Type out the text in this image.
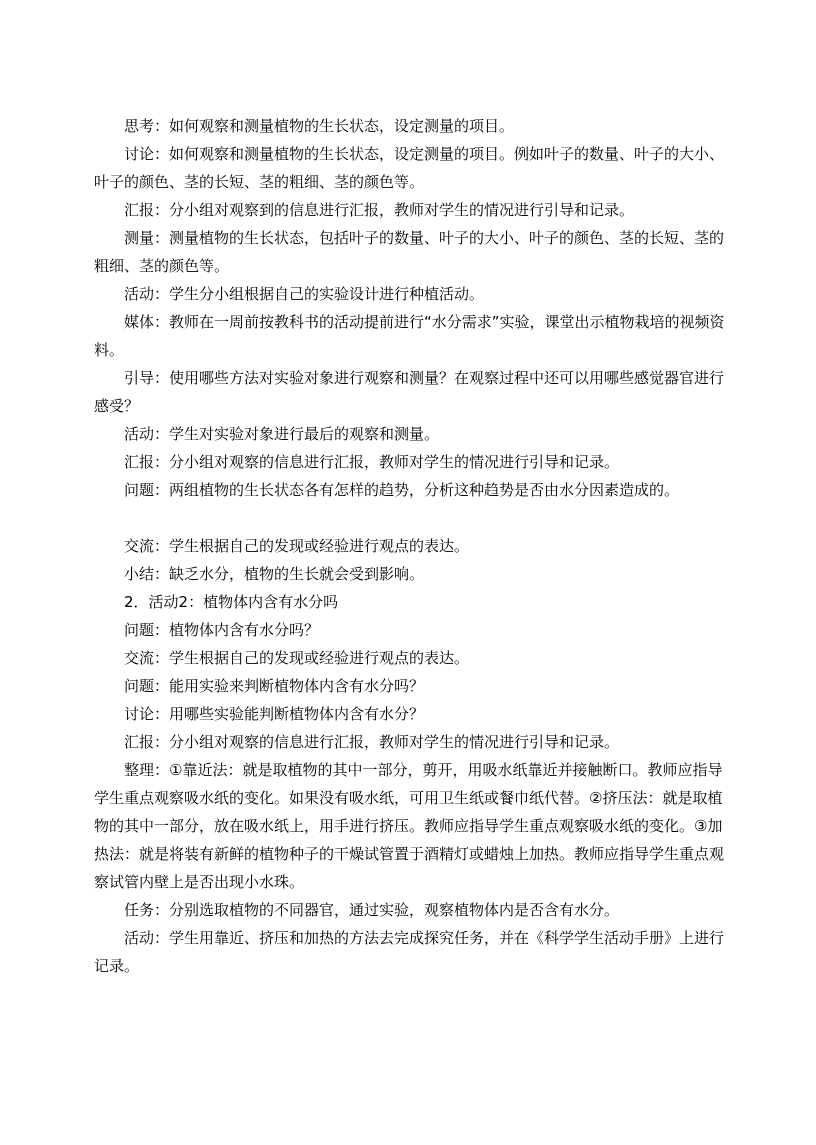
思考：如何观察和测量植物的生长状态，设定测量的项目。

讨论：如何观察和测量植物的生长状态，设定测量的项目。例如叶子的数量、叶子的大小、叶子的颜色、茎的长短、茎的粗细、茎的颜色等。

汇报：分小组对观察到的信息进行汇报，教师对学生的情况进行引导和记录。

测量：测量植物的生长状态，包括叶子的数量、叶子的大小、叶子的颜色、茎的长短、茎的粗细、茎的颜色等。

活动：学生分小组根据自己的实验设计进行种植活动。

媒体：教师在一周前按教科书的活动提前进行“水分需求”实验，课堂出示植物栽培的视频资料。

引导：使用哪些方法对实验对象进行观察和测量？在观察过程中还可以用哪些感觉器官进行感受？

活动：学生对实验对象进行最后的观察和测量。

汇报：分小组对观察的信息进行汇报，教师对学生的情况进行引导和记录。

问题：两组植物的生长状态各有怎样的趋势，分析这种趋势是否由水分因素造成的。

交流：学生根据自己的发现或经验进行观点的表达。

小结：缺乏水分，植物的生长就会受到影响。

2．活动2：植物体内含有水分吗

问题：植物体内含有水分吗？

交流：学生根据自己的发现或经验进行观点的表达。

问题：能用实验来判断植物体内含有水分吗？

讨论：用哪些实验能判断植物体内含有水分？

汇报：分小组对观察的信息进行汇报，教师对学生的情况进行引导和记录。

整理：①靠近法：就是取植物的其中一部分，剪开，用吸水纸靠近并接触断口。教师应指导学生重点观察吸水纸的变化。如果没有吸水纸，可用卫生纸或餐巾纸代替。②挤压法：就是取植物的其中一部分，放在吸水纸上，用手进行挤压。教师应指导学生重点观察吸水纸的变化。③加热法：就是将装有新鲜的植物种子的干燥试管置于酒精灯或蜡烛上加热。教师应指导学生重点观察试管内壁上是否出现小水珠。

任务：分别选取植物的不同器官，通过实验，观察植物体内是否含有水分。

活动：学生用靠近、挤压和加热的方法去完成探究任务，并在《科学学生活动手册》上进行记录。
